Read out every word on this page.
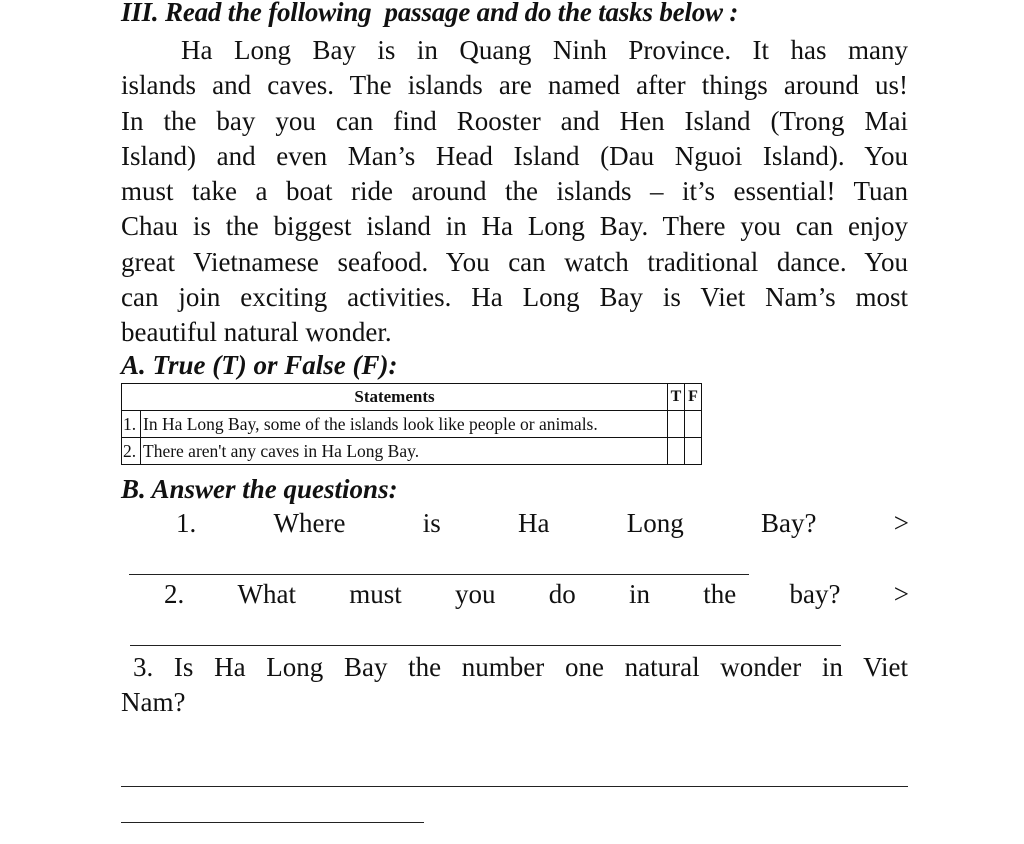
III. Read the following  passage and do the tasks below :
Ha Long Bay is in Quang Ninh Province. It has many
islands and caves. The islands are named after things around us!
In the bay you can find Rooster and Hen Island (Trong Mai
Island) and even Man’s Head Island (Dau Nguoi Island). You
must take a boat ride around the islands – it’s essential! Tuan
Chau is the biggest island in Ha Long Bay. There you can enjoy
great Vietnamese seafood. You can watch traditional dance. You
can join exciting activities. Ha Long Bay is Viet Nam’s most
beautiful natural wonder.
A. True (T) or False (F):
Statements		T	F
1.	In Ha Long Bay, some of the islands look like people or animals.		
2.	There aren't any caves in Ha Long Bay.		
B. Answer the questions:
1.	Where	is	Ha	Long	Bay?	>
2. What must you do in the bay? >
3. Is Ha Long Bay the number one natural wonder in Viet
Nam?
